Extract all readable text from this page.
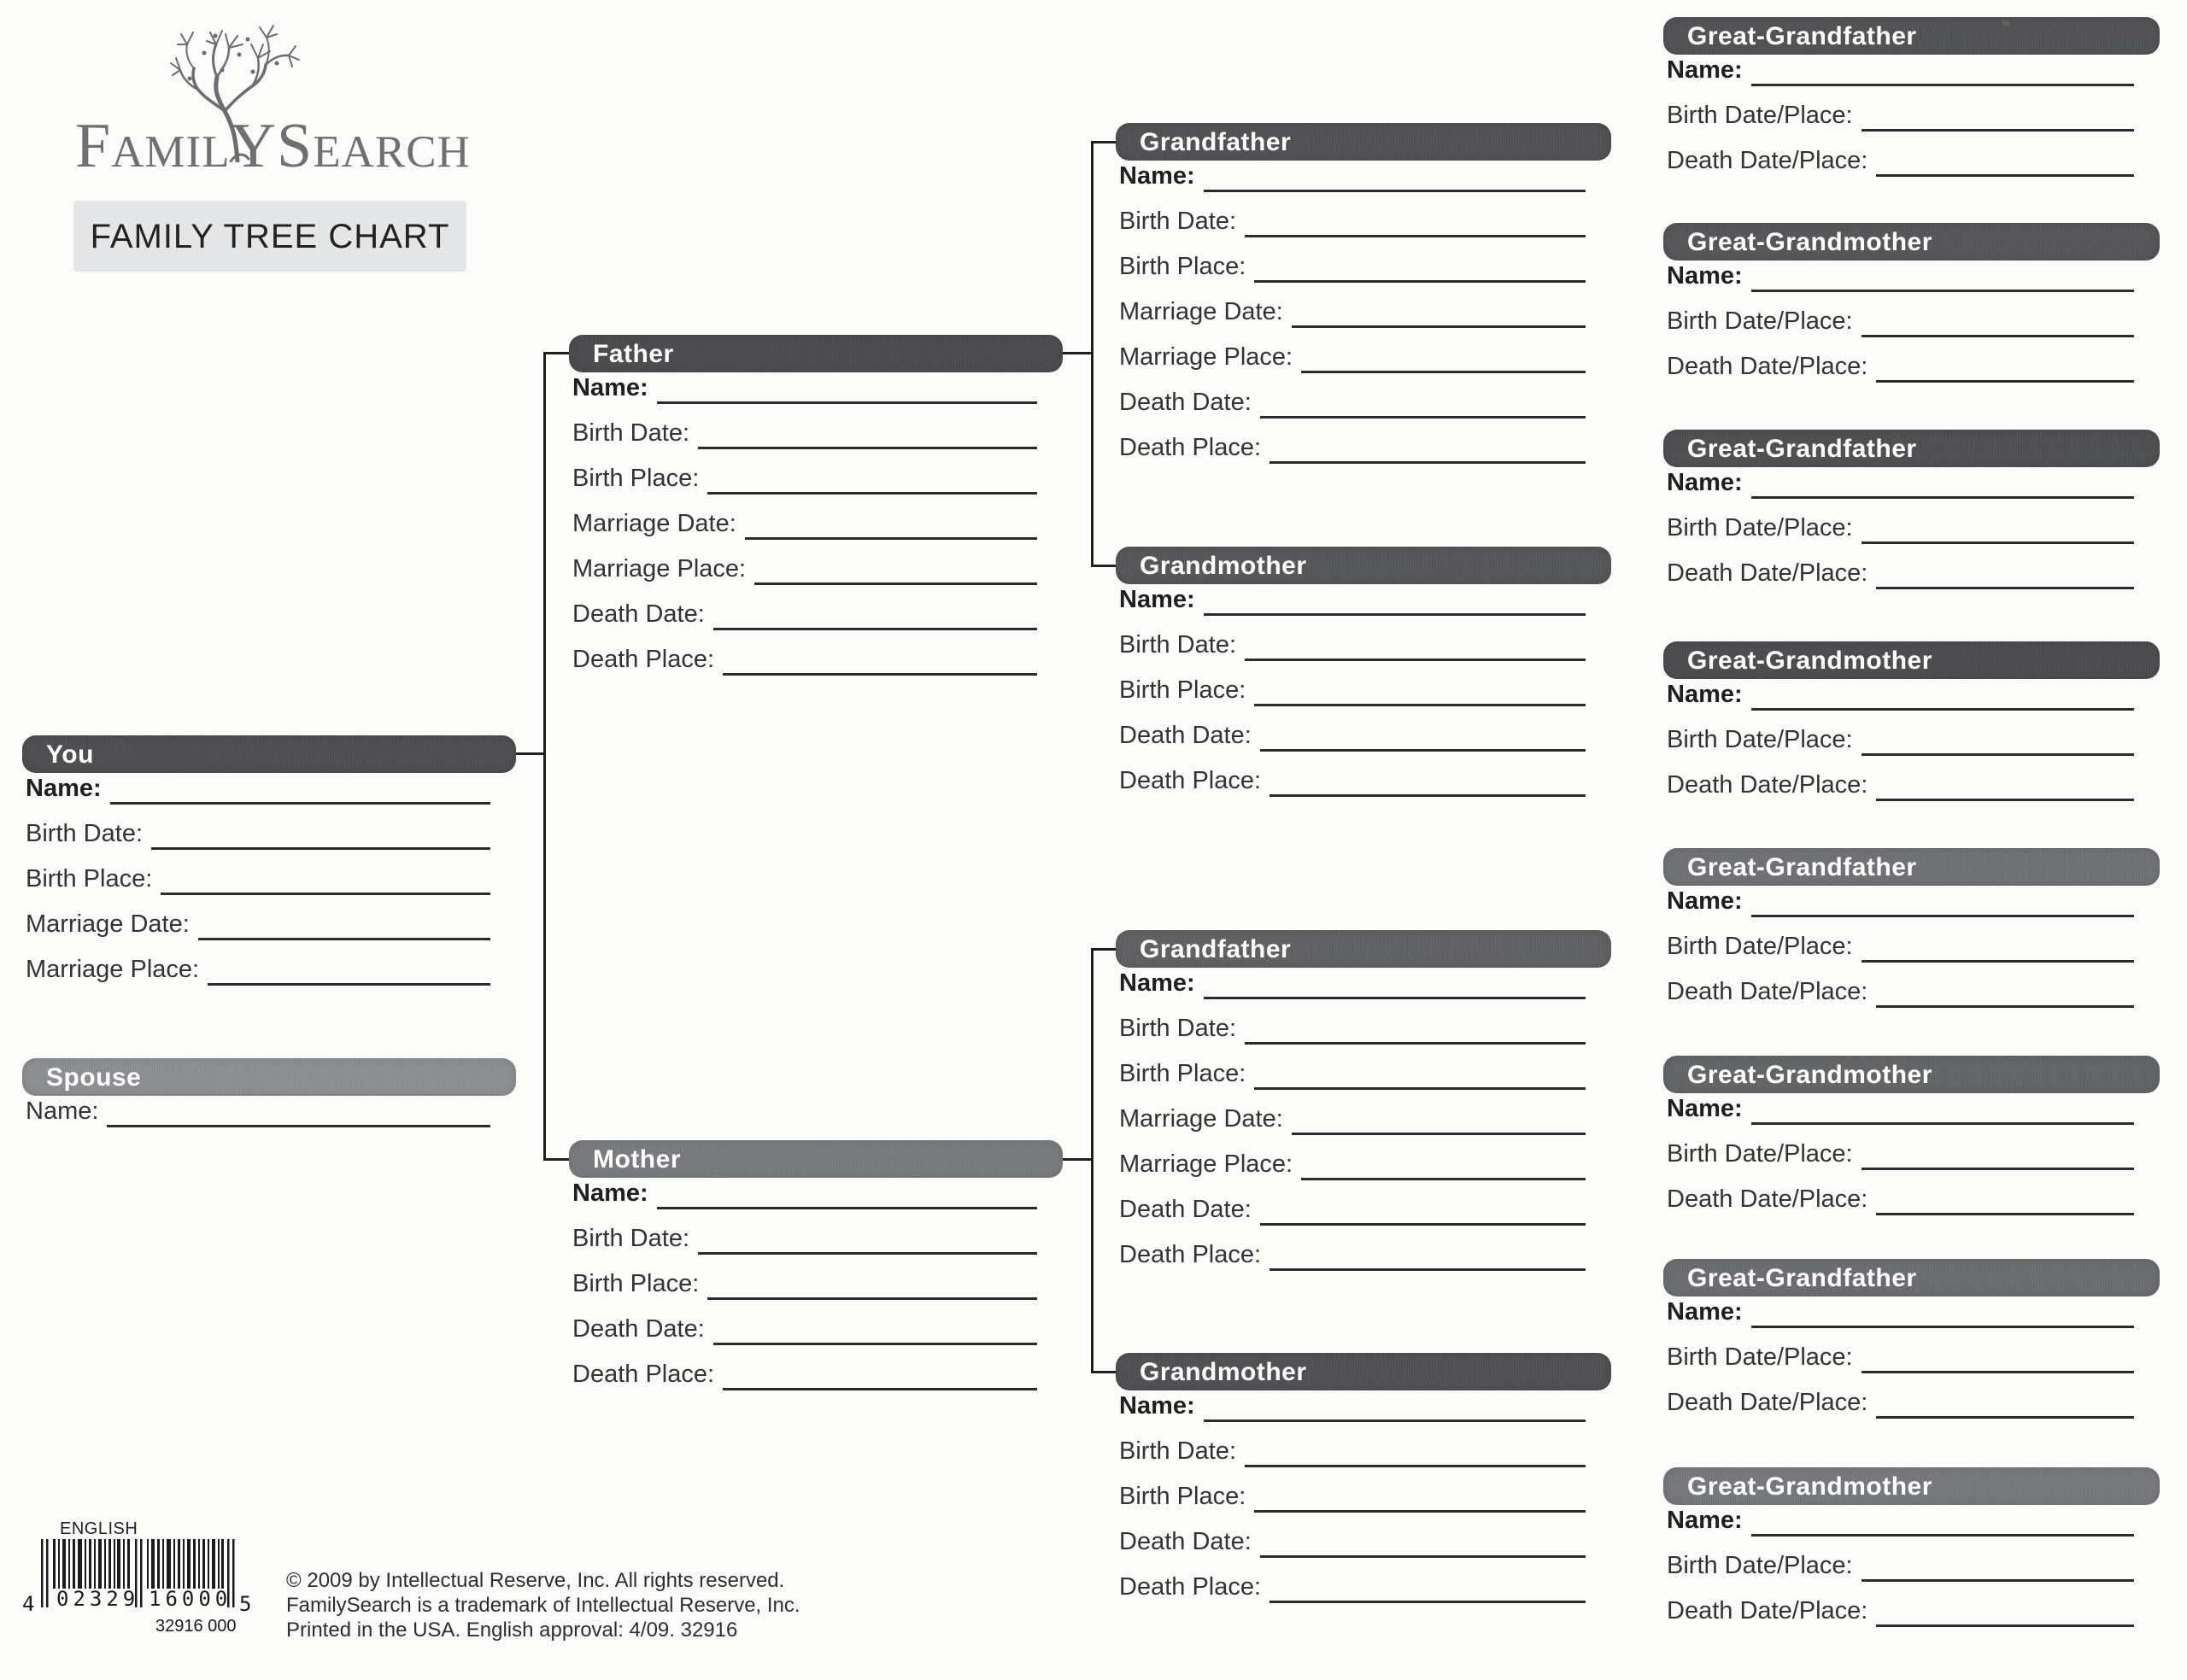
FAMILYSEARCH
FAMILY TREE CHART
You
Name:
Birth Date:
Birth Place:
Marriage Date:
Marriage Place:
Spouse
Name:
Father
Name:
Birth Date:
Birth Place:
Marriage Date:
Marriage Place:
Death Date:
Death Place:
Mother
Name:
Birth Date:
Birth Place:
Death Date:
Death Place:
Grandfather
Name:
Birth Date:
Birth Place:
Marriage Date:
Marriage Place:
Death Date:
Death Place:
Grandmother
Name:
Birth Date:
Birth Place:
Death Date:
Death Place:
Grandfather
Name:
Birth Date:
Birth Place:
Marriage Date:
Marriage Place:
Death Date:
Death Place:
Grandmother
Name:
Birth Date:
Birth Place:
Death Date:
Death Place:
Great-Grandfather
Name:
Birth Date/Place:
Death Date/Place:
Great-Grandmother
Name:
Birth Date/Place:
Death Date/Place:
Great-Grandfather
Name:
Birth Date/Place:
Death Date/Place:
Great-Grandmother
Name:
Birth Date/Place:
Death Date/Place:
Great-Grandfather
Name:
Birth Date/Place:
Death Date/Place:
Great-Grandmother
Name:
Birth Date/Place:
Death Date/Place:
Great-Grandfather
Name:
Birth Date/Place:
Death Date/Place:
Great-Grandmother
Name:
Birth Date/Place:
Death Date/Place:
ENGLISH
4 02329 16000 5
32916 000
© 2009 by Intellectual Reserve, Inc. All rights reserved.
FamilySearch is a trademark of Intellectual Reserve, Inc.
Printed in the USA. English approval: 4/09. 32916
